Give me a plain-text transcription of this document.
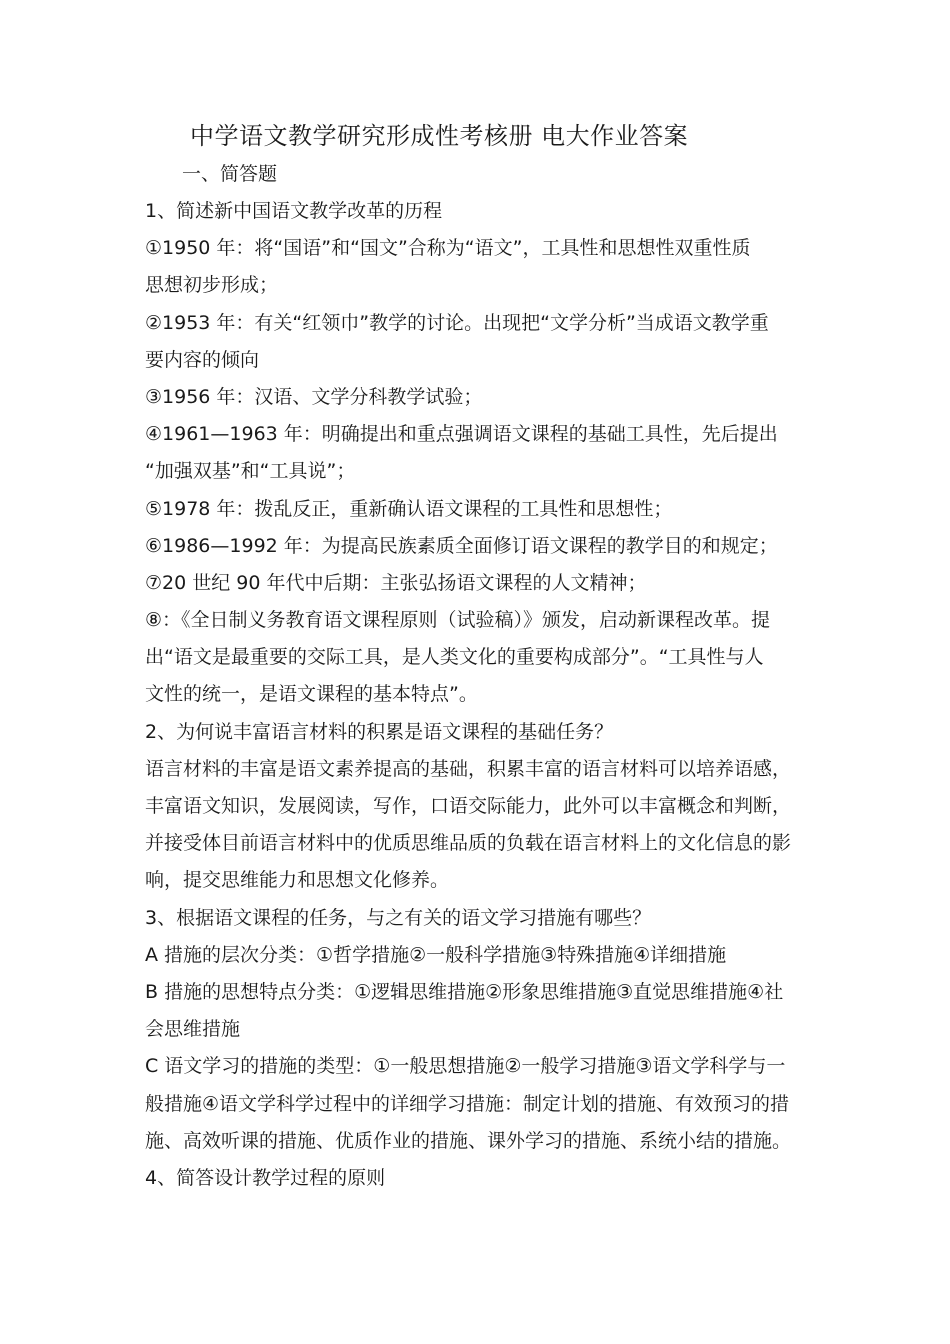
中学语文教学研究形成性考核册 电大作业答案
一、简答题
1、简述新中国语文教学改革的历程
①1950 年：将“国语”和“国文”合称为“语文”，工具性和思想性双重性质
思想初步形成；
②1953 年：有关“红领巾”教学的讨论。出现把“文学分析”当成语文教学重
要内容的倾向
③1956 年：汉语、文学分科教学试验；
④1961—1963 年：明确提出和重点强调语文课程的基础工具性，先后提出
“加强双基”和“工具说”；
⑤1978 年：拨乱反正，重新确认语文课程的工具性和思想性；
⑥1986—1992 年：为提高民族素质全面修订语文课程的教学目的和规定；
⑦20 世纪 90 年代中后期：主张弘扬语文课程的人文精神；
⑧：《全日制义务教育语文课程原则（试验稿）》颁发，启动新课程改革。提
出“语文是最重要的交际工具，是人类文化的重要构成部分”。“工具性与人
文性的统一，是语文课程的基本特点”。
2、为何说丰富语言材料的积累是语文课程的基础任务？
语言材料的丰富是语文素养提高的基础，积累丰富的语言材料可以培养语感，
丰富语文知识，发展阅读，写作，口语交际能力，此外可以丰富概念和判断，
并接受体目前语言材料中的优质思维品质的负载在语言材料上的文化信息的影
响，提交思维能力和思想文化修养。
3、根据语文课程的任务，与之有关的语文学习措施有哪些？
A 措施的层次分类：①哲学措施②一般科学措施③特殊措施④详细措施
B 措施的思想特点分类：①逻辑思维措施②形象思维措施③直觉思维措施④社
会思维措施
C 语文学习的措施的类型：①一般思想措施②一般学习措施③语文学科学与一
般措施④语文学科学过程中的详细学习措施：制定计划的措施、有效预习的措
施、高效听课的措施、优质作业的措施、课外学习的措施、系统小结的措施。
4、简答设计教学过程的原则
